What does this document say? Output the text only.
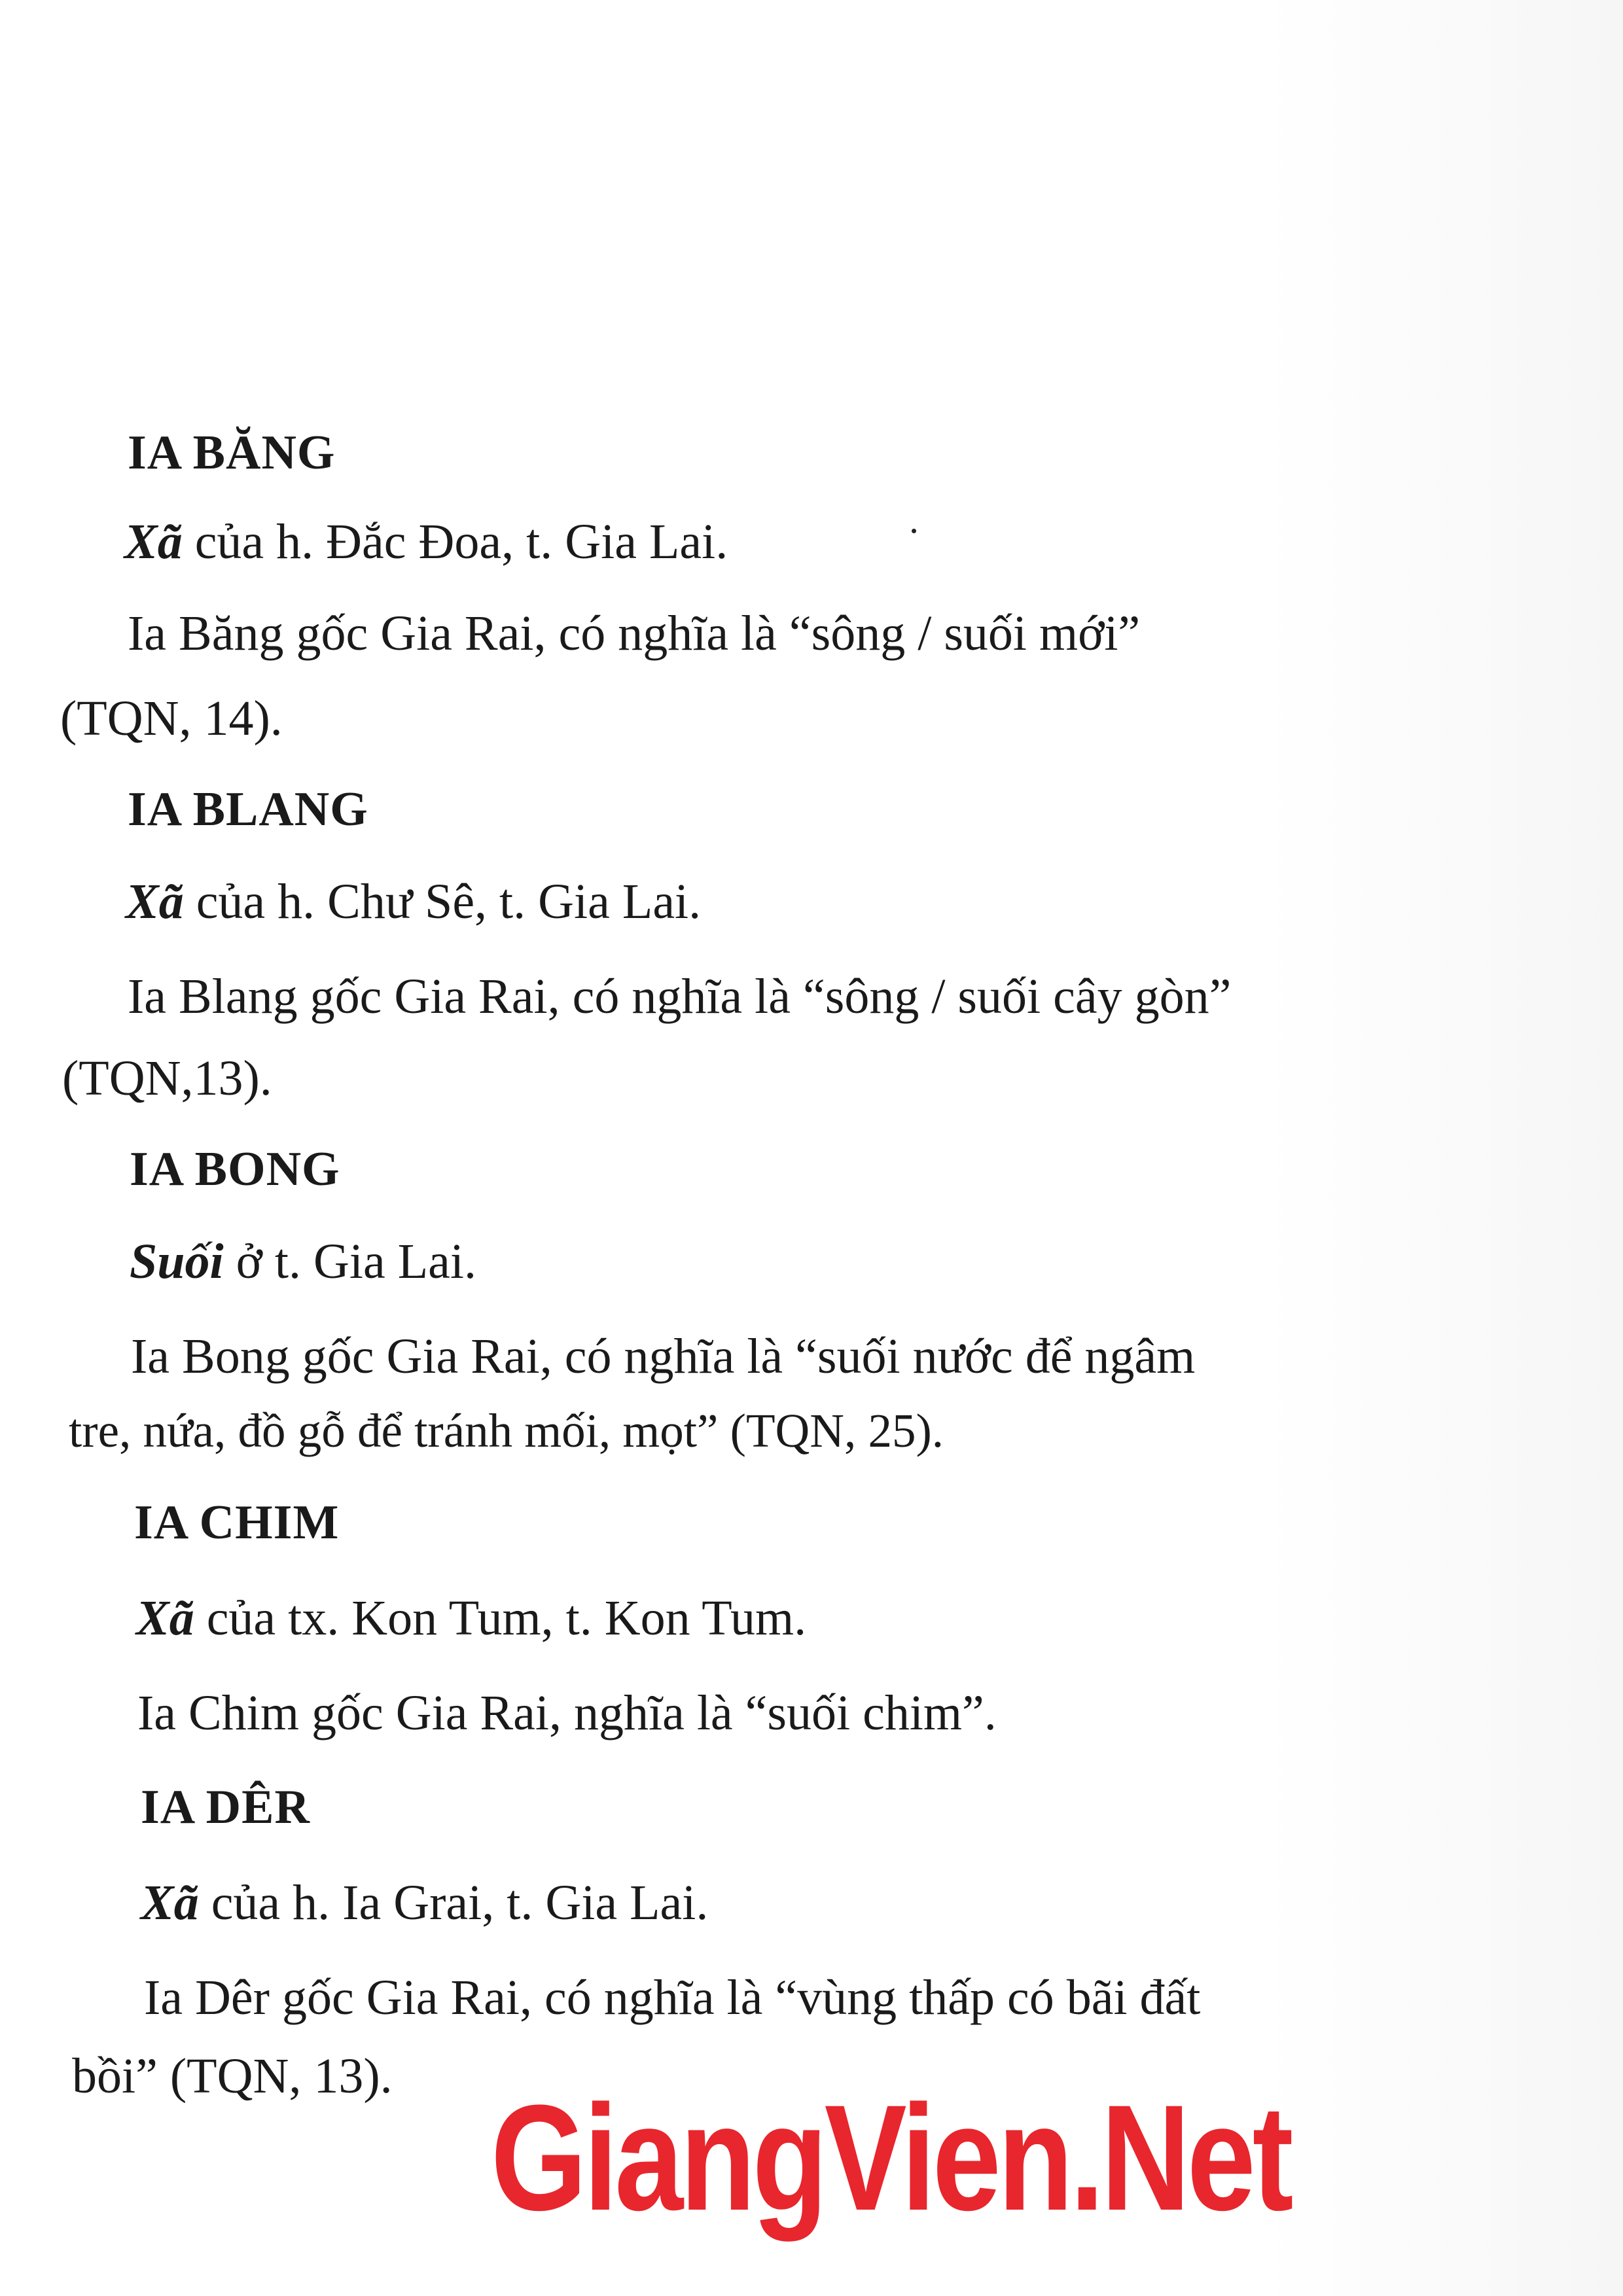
IA BĂNG
Xã của h. Đắc Đoa, t. Gia Lai.
Ia Băng gốc Gia Rai, có nghĩa là “sông / suối mới”
(TQN, 14).
IA BLANG
Xã của h. Chư Sê, t. Gia Lai.
Ia Blang gốc Gia Rai, có nghĩa là “sông / suối cây gòn”
(TQN,13).
IA BONG
Suối ở t. Gia Lai.
Ia Bong gốc Gia Rai, có nghĩa là “suối nước để ngâm
tre, nứa, đồ gỗ để tránh mối, mọt” (TQN, 25).
IA CHIM
Xã của tx. Kon Tum, t. Kon Tum.
Ia Chim gốc Gia Rai, nghĩa là “suối chim”.
IA DÊR
Xã của h. Ia Grai, t. Gia Lai.
Ia Dêr gốc Gia Rai, có nghĩa là “vùng thấp có bãi đất
bồi” (TQN, 13). GiangVien.Net
